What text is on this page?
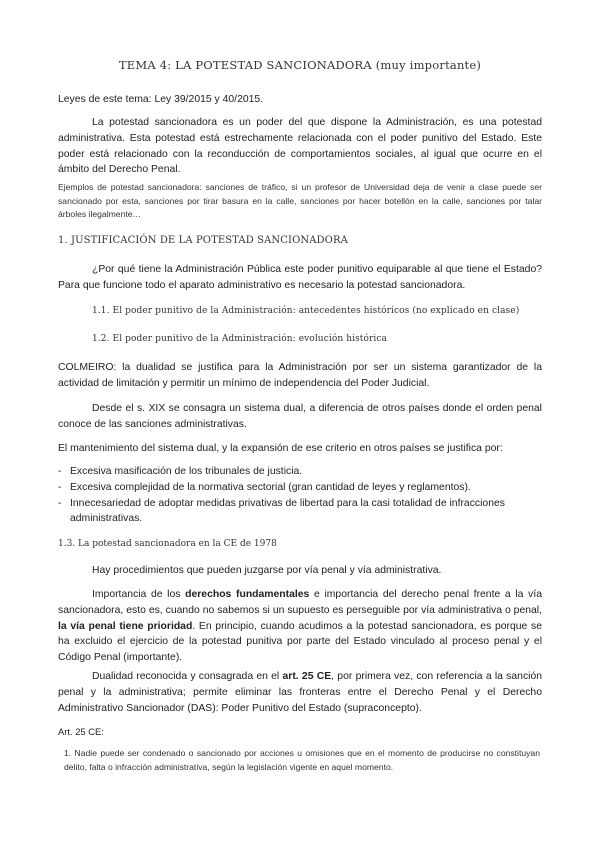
TEMA 4: LA POTESTAD SANCIONADORA (muy importante)

Leyes de este tema: Ley 39/2015 y 40/2015.

La potestad sancionadora es un poder del que dispone la Administración, es una potestad administrativa. Esta potestad está estrechamente relacionada con el poder punitivo del Estado. Este poder está relacionado con la reconducción de comportamientos sociales, al igual que ocurre en el ámbito del Derecho Penal.

Ejemplos de potestad sancionadora: sanciones de tráfico, si un profesor de Universidad deja de venir a clase puede ser sancionado por esta, sanciones por tirar basura en la calle, sanciones por hacer botellón en la calle, sanciones por talar árboles ilegalmente…

1. JUSTIFICACIÓN DE LA POTESTAD SANCIONADORA

¿Por qué tiene la Administración Pública este poder punitivo equiparable al que tiene el Estado? Para que funcione todo el aparato administrativo es necesario la potestad sancionadora.

1.1. El poder punitivo de la Administración: antecedentes históricos (no explicado en clase)
1.2. El poder punitivo de la Administración: evolución histórica

COLMEIRO: la dualidad se justifica para la Administración por ser un sistema garantizador de la actividad de limitación y permitir un mínimo de independencia del Poder Judicial.

Desde el s. XIX se consagra un sistema dual, a diferencia de otros países donde el orden penal conoce de las sanciones administrativas.

El mantenimiento del sistema dual, y la expansión de ese criterio en otros países se justifica por:

- Excesiva masificación de los tribunales de justicia.
- Excesiva complejidad de la normativa sectorial (gran cantidad de leyes y reglamentos).
- Innecesariedad de adoptar medidas privativas de libertad para la casi totalidad de infracciones administrativas.
1.3. La potestad sancionadora en la CE de 1978

Hay procedimientos que pueden juzgarse por vía penal y vía administrativa.

Importancia de los derechos fundamentales e importancia del derecho penal frente a la vía sancionadora, esto es, cuando no sabemos si un supuesto es perseguible por vía administrativa o penal, la vía penal tiene prioridad. En principio, cuando acudimos a la potestad sancionadora, es porque se ha excluido el ejercicio de la potestad punitiva por parte del Estado vinculado al proceso penal y el Código Penal (importante).

Dualidad reconocida y consagrada en el art. 25 CE, por primera vez, con referencia a la sanción penal y la administrativa; permite eliminar las fronteras entre el Derecho Penal y el Derecho Administrativo Sancionador (DAS): Poder Punitivo del Estado (supraconcepto).

Art. 25 CE:

1. Nadie puede ser condenado o sancionado por acciones u omisiones que en el momento de producirse no constituyan delito, falta o infracción administrativa, según la legislación vigente en aquel momento.
